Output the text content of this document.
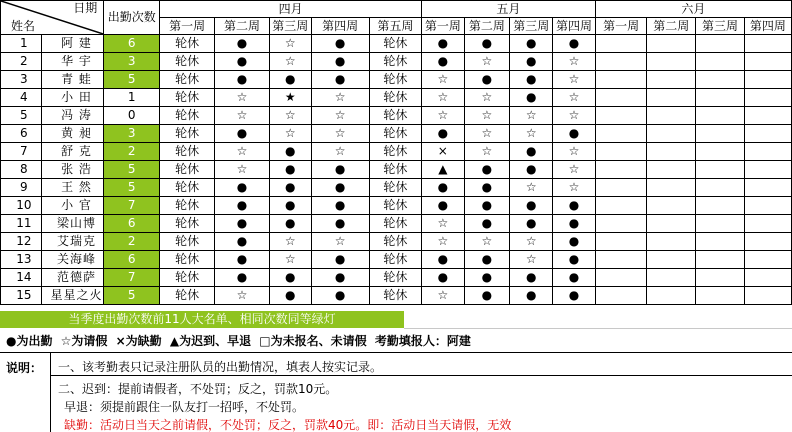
日期
姓名		出勤次数	四月					五月				六月			
			第一周	第二周	第三周	第四周	第五周	第一周	第二周	第三周	第四周	第一周	第二周	第三周	第四周
1	阿 建	6	轮休	●	☆	●	轮休	●	●	●	●				
2	华 宇	3	轮休	●	☆	●	轮休	●	☆	●	☆				
3	青 蛙	5	轮休	●	●	●	轮休	☆	●	●	☆				
4	小 田	1	轮休	☆	★	☆	轮休	☆	☆	●	☆				
5	冯 涛	0	轮休	☆	☆	☆	轮休	☆	☆	☆	☆				
6	黄 昶	3	轮休	●	☆	☆	轮休	●	☆	☆	●				
7	舒 克	2	轮休	☆	●	☆	轮休	×	☆	●	☆				
8	张 浩	5	轮休	☆	●	●	轮休	▲	●	●	☆				
9	王 然	5	轮休	●	●	●	轮休	●	●	☆	☆				
10	小 官	7	轮休	●	●	●	轮休	●	●	●	●				
11	梁山博	6	轮休	●	●	●	轮休	☆	●	●	●				
12	艾瑞克	2	轮休	●	☆	☆	轮休	☆	☆	☆	●				
13	关海峰	6	轮休	●	☆	●	轮休	●	●	☆	●				
14	范德萨	7	轮休	●	●	●	轮休	●	●	●	●				
15	星星之火	5	轮休	☆	●	●	轮休	☆	●	●	●				
当季度出勤次数前11人大名单、相同次数同等绿灯
●为出勤 ☆为请假 ×为缺勤 ▲为迟到、早退 □为未报名、未请假 考勤填报人：阿建
说明： 一、该考勤表只记录注册队员的出勤情况，填表人按实记录。
二、迟到：提前请假者，不处罚；反之，罚款10元。
早退：须提前跟住一队友打一招呼，不处罚。
缺勤：活动日当天之前请假，不处罚；反之，罚款40元。即：活动日当天请假，无效
